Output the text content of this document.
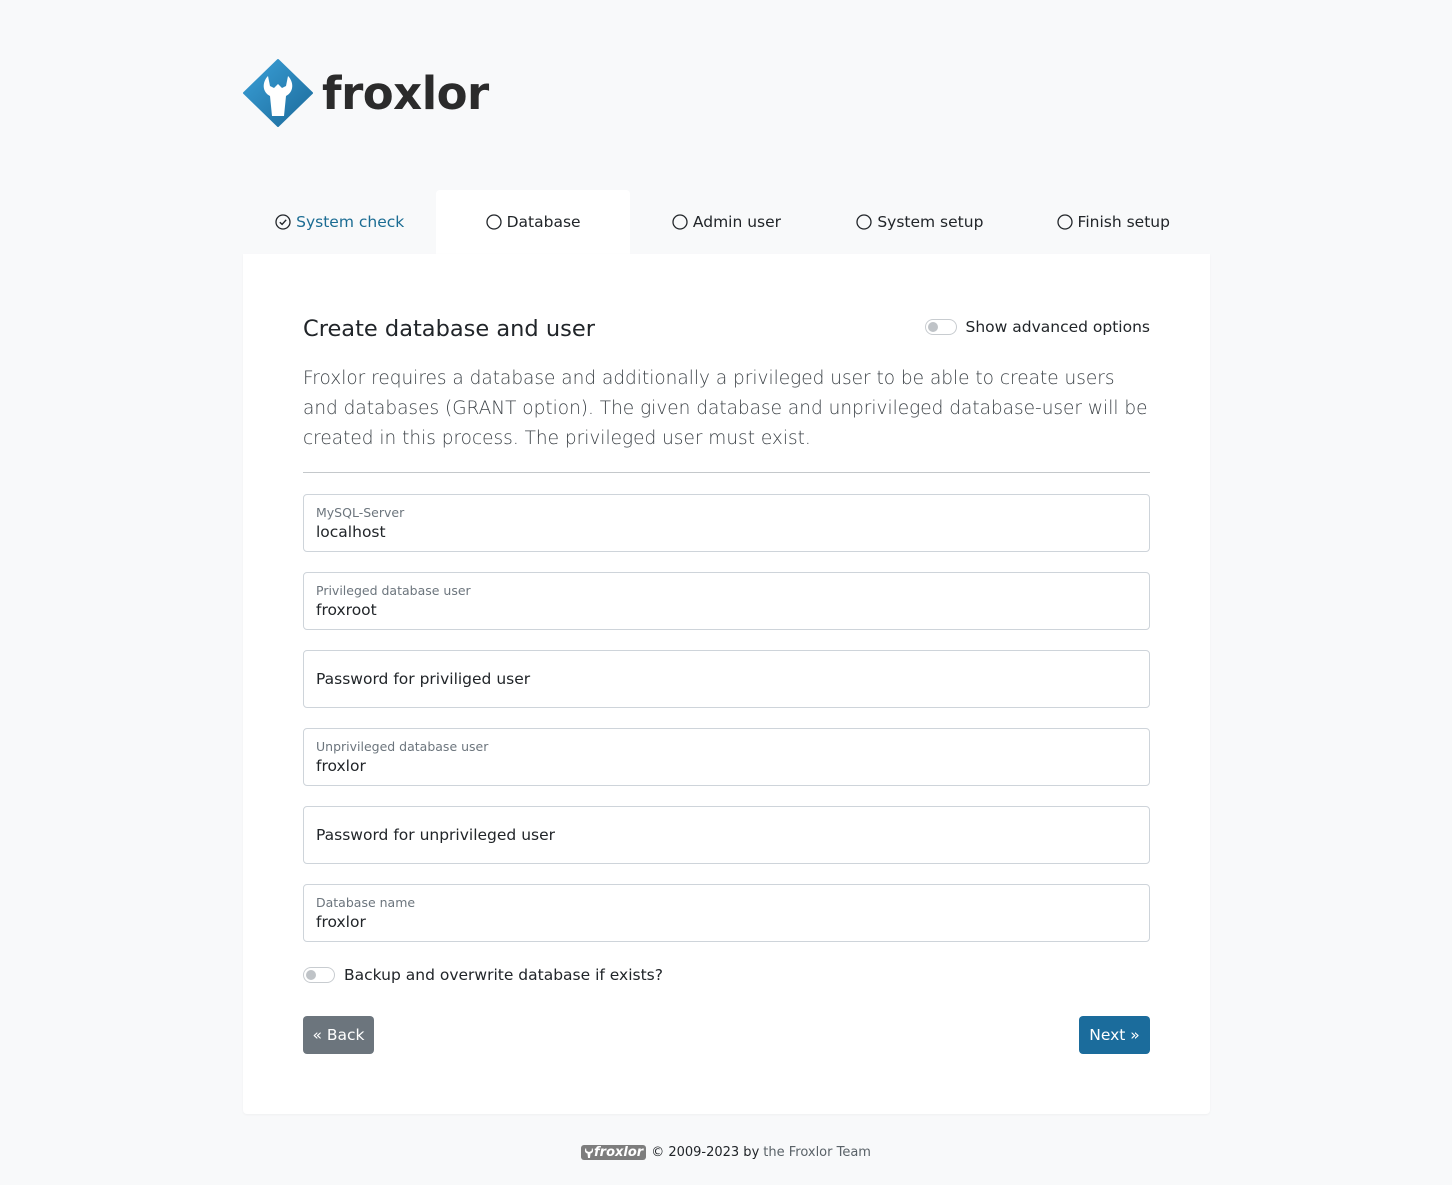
froxlor
System check	Database	Admin user	System setup	Finish setup
Create database and user	Show advanced options

Froxlor requires a database and additionally a privileged user to be able to create users and databases (GRANT option). The given database and unprivileged database-user will be created in this process. The privileged user must exist.

MySQL-Server
localhost
Privileged database user
froxroot
Password for priviliged user
Unprivileged database user
froxlor
Password for unprivileged user
Database name
froxlor
Backup and overwrite database if exists?
« Back	Next »
froxlor © 2009-2023 by the Froxlor Team
